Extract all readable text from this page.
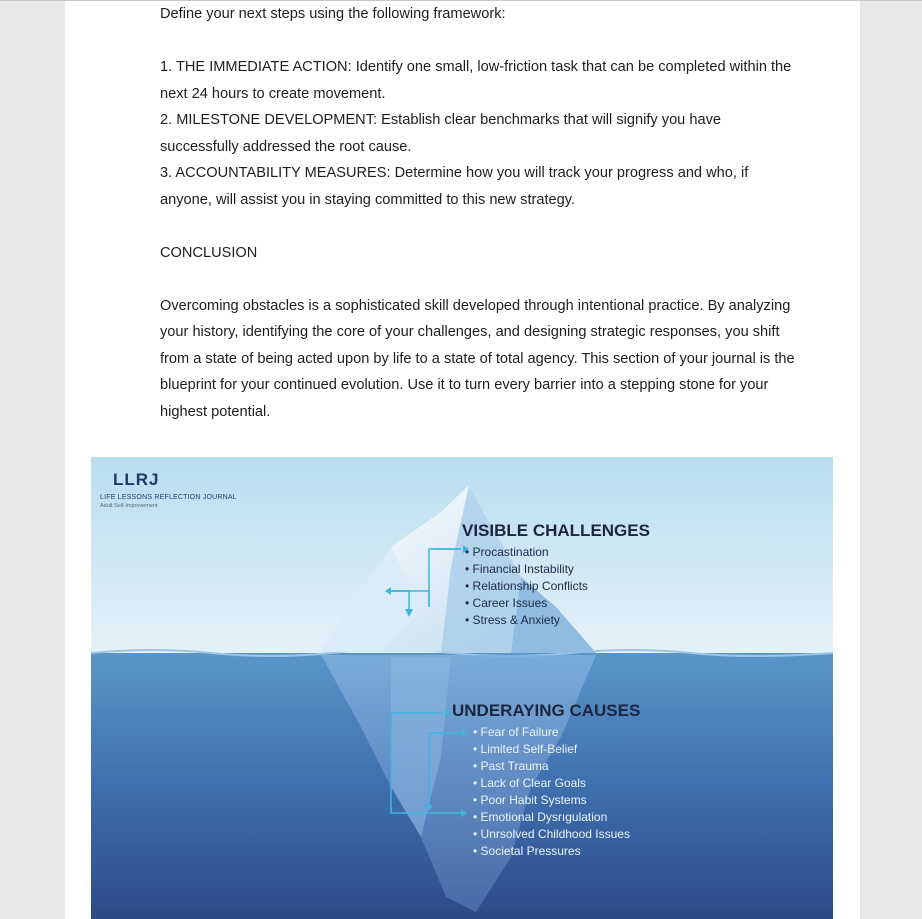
Define your next steps using the following framework:

1. THE IMMEDIATE ACTION: Identify one small, low-friction task that can be completed within the next 24 hours to create movement.

2. MILESTONE DEVELOPMENT: Establish clear benchmarks that will signify you have successfully addressed the root cause.

3. ACCOUNTABILITY MEASURES: Determine how you will track your progress and who, if anyone, will assist you in staying committed to this new strategy.

CONCLUSION

Overcoming obstacles is a sophisticated skill developed through intentional practice. By analyzing your history, identifying the core of your challenges, and designing strategic responses, you shift from a state of being acted upon by life to a state of total agency. This section of your journal is the blueprint for your continued evolution. Use it to turn every barrier into a stepping stone for your highest potential.

LLRJ
LIFE LESSONS REFLECTION JOURNAL
Adult Self-Improvement
VISIBLE CHALLENGES
• Procastination
• Financial Instability
• Relationship Conflicts
• Career Issues
• Stress & Anxiety
UNDERAYING CAUSES
• Fear of Failure
• Limited Self-Belief
• Past Trauma
• Lack of Clear Goals
• Poor Habit Systems
• Emotional Dysrıgulation
• Unrsolved Childhood Issues
• Societal Pressures
